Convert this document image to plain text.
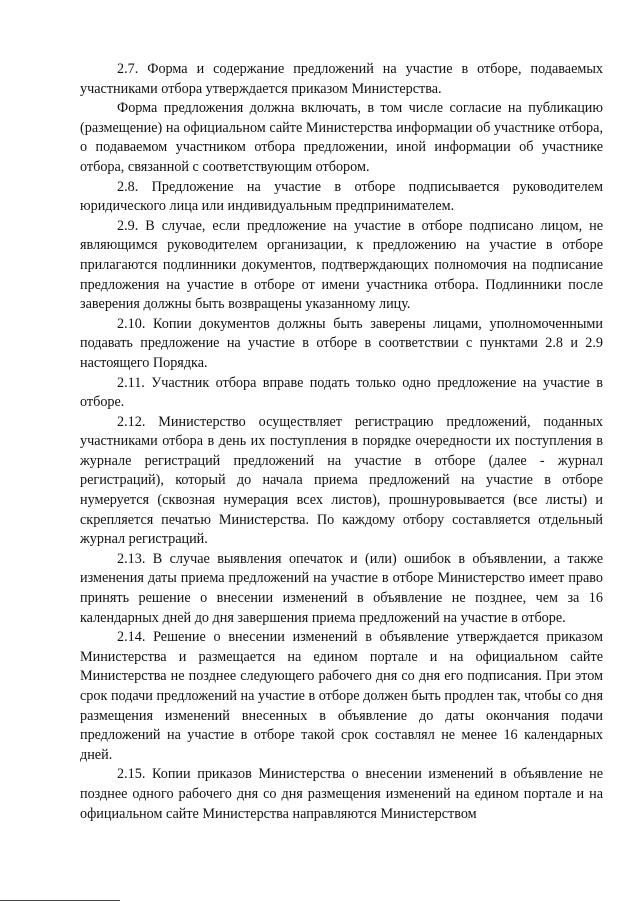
2.7. Форма и содержание предложений на участие в отборе, подаваемых участниками отбора утверждается приказом Министерства.

Форма предложения должна включать, в том числе согласие на публикацию (размещение) на официальном сайте Министерства информации об участнике отбора, о подаваемом участником отбора предложении, иной информации об участнике отбора, связанной с соответствующим отбором.

2.8. Предложение на участие в отборе подписывается руководителем юридического лица или индивидуальным предпринимателем.

2.9. В случае, если предложение на участие в отборе подписано лицом, не являющимся руководителем организации, к предложению на участие в отборе прилагаются подлинники документов, подтверждающих полномочия на подписание предложения на участие в отборе от имени участника отбора. Подлинники после заверения должны быть возвращены указанному лицу.

2.10. Копии документов должны быть заверены лицами, уполномоченными подавать предложение на участие в отборе в соответствии с пунктами 2.8 и 2.9 настоящего Порядка.

2.11. Участник отбора вправе подать только одно предложение на участие в отборе.

2.12. Министерство осуществляет регистрацию предложений, поданных участниками отбора в день их поступления в порядке очередности их поступления в журнале регистраций предложений на участие в отборе (далее - журнал регистраций), который до начала приема предложений на участие в отборе нумеруется (сквозная нумерация всех листов), прошнуровывается (все листы) и скрепляется печатью Министерства. По каждому отбору составляется отдельный журнал регистраций.

2.13. В случае выявления опечаток и (или) ошибок в объявлении, а также изменения даты приема предложений на участие в отборе Министерство имеет право принять решение о внесении изменений в объявление не позднее, чем за 16 календарных дней до дня завершения приема предложений на участие в отборе.

2.14. Решение о внесении изменений в объявление утверждается приказом Министерства и размещается на едином портале и на официальном сайте Министерства не позднее следующего рабочего дня со дня его подписания. При этом срок подачи предложений на участие в отборе должен быть продлен так, чтобы со дня размещения изменений внесенных в объявление до даты окончания подачи предложений на участие в отборе такой срок составлял не менее 16 календарных дней.

2.15. Копии приказов Министерства о внесении изменений в объявление не позднее одного рабочего дня со дня размещения изменений на едином портале и на официальном сайте Министерства направляются Министерством
